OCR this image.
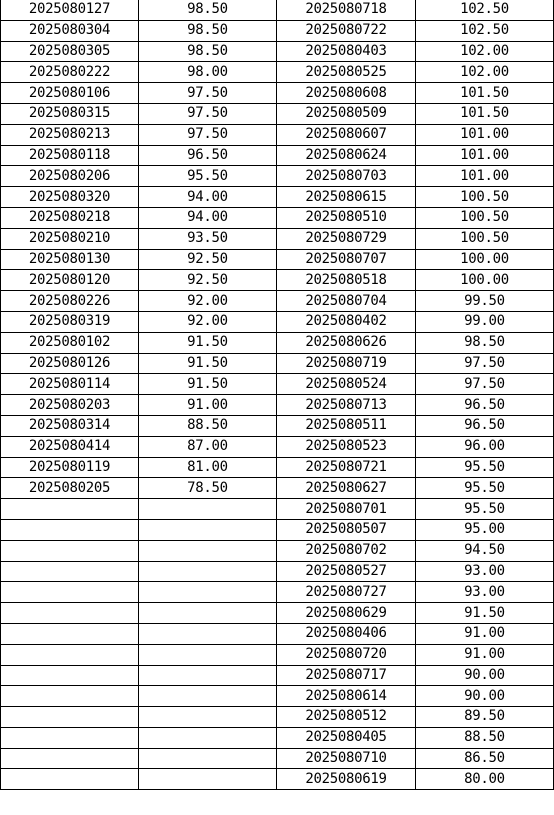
2025080127	98.50	2025080718	102.50
2025080304	98.50	2025080722	102.50
2025080305	98.50	2025080403	102.00
2025080222	98.00	2025080525	102.00
2025080106	97.50	2025080608	101.50
2025080315	97.50	2025080509	101.50
2025080213	97.50	2025080607	101.00
2025080118	96.50	2025080624	101.00
2025080206	95.50	2025080703	101.00
2025080320	94.00	2025080615	100.50
2025080218	94.00	2025080510	100.50
2025080210	93.50	2025080729	100.50
2025080130	92.50	2025080707	100.00
2025080120	92.50	2025080518	100.00
2025080226	92.00	2025080704	99.50
2025080319	92.00	2025080402	99.00
2025080102	91.50	2025080626	98.50
2025080126	91.50	2025080719	97.50
2025080114	91.50	2025080524	97.50
2025080203	91.00	2025080713	96.50
2025080314	88.50	2025080511	96.50
2025080414	87.00	2025080523	96.00
2025080119	81.00	2025080721	95.50
2025080205	78.50	2025080627	95.50
		2025080701	95.50
		2025080507	95.00
		2025080702	94.50
		2025080527	93.00
		2025080727	93.00
		2025080629	91.50
		2025080406	91.00
		2025080720	91.00
		2025080717	90.00
		2025080614	90.00
		2025080512	89.50
		2025080405	88.50
		2025080710	86.50
		2025080619	80.00
